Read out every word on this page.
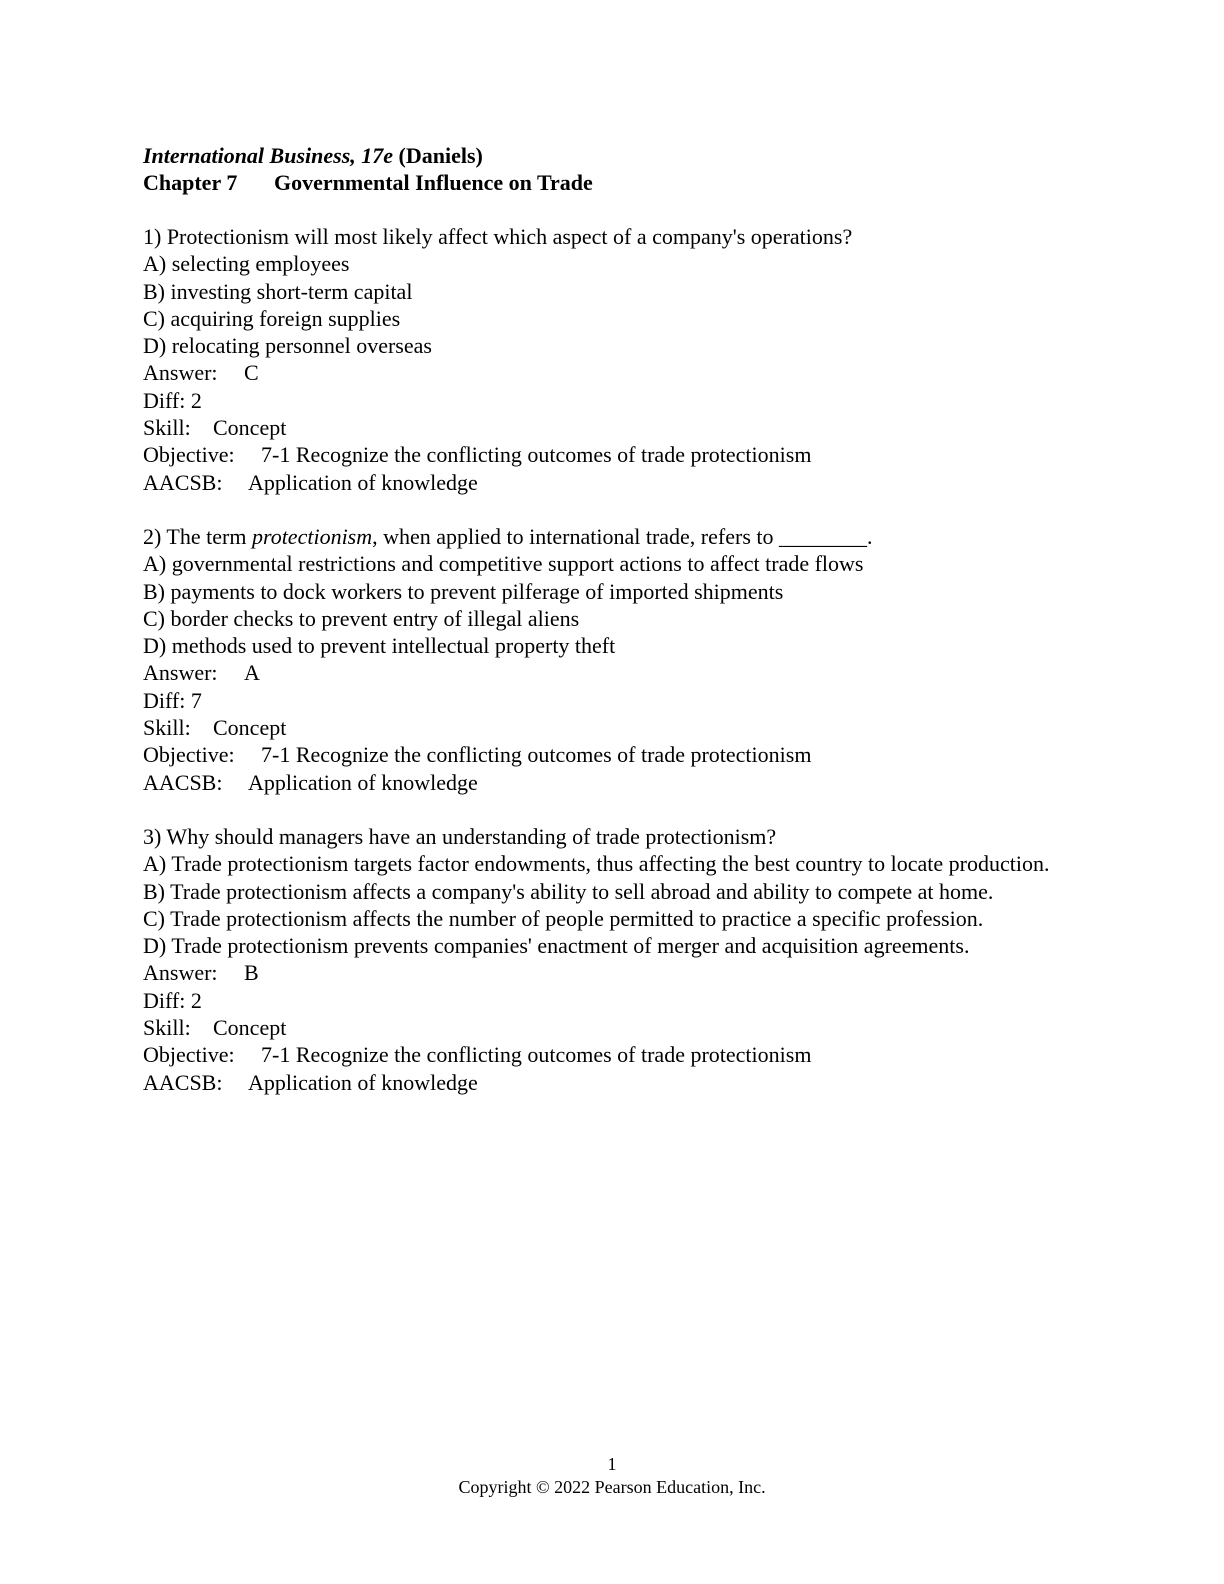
International Business, 17e (Daniels)
Chapter 7 Governmental Influence on Trade
1) Protectionism will most likely affect which aspect of a company's operations?
A) selecting employees
B) investing short-term capital
C) acquiring foreign supplies
D) relocating personnel overseas
Answer: C
Diff: 2
Skill: Concept
Objective: 7-1 Recognize the conflicting outcomes of trade protectionism
AACSB: Application of knowledge
2) The term protectionism, when applied to international trade, refers to ________.
A) governmental restrictions and competitive support actions to affect trade flows
B) payments to dock workers to prevent pilferage of imported shipments
C) border checks to prevent entry of illegal aliens
D) methods used to prevent intellectual property theft
Answer: A
Diff: 7
Skill: Concept
Objective: 7-1 Recognize the conflicting outcomes of trade protectionism
AACSB: Application of knowledge
3) Why should managers have an understanding of trade protectionism?
A) Trade protectionism targets factor endowments, thus affecting the best country to locate production.
B) Trade protectionism affects a company's ability to sell abroad and ability to compete at home.
C) Trade protectionism affects the number of people permitted to practice a specific profession.
D) Trade protectionism prevents companies' enactment of merger and acquisition agreements.
Answer: B
Diff: 2
Skill: Concept
Objective: 7-1 Recognize the conflicting outcomes of trade protectionism
AACSB: Application of knowledge
1
Copyright © 2022 Pearson Education, Inc.
